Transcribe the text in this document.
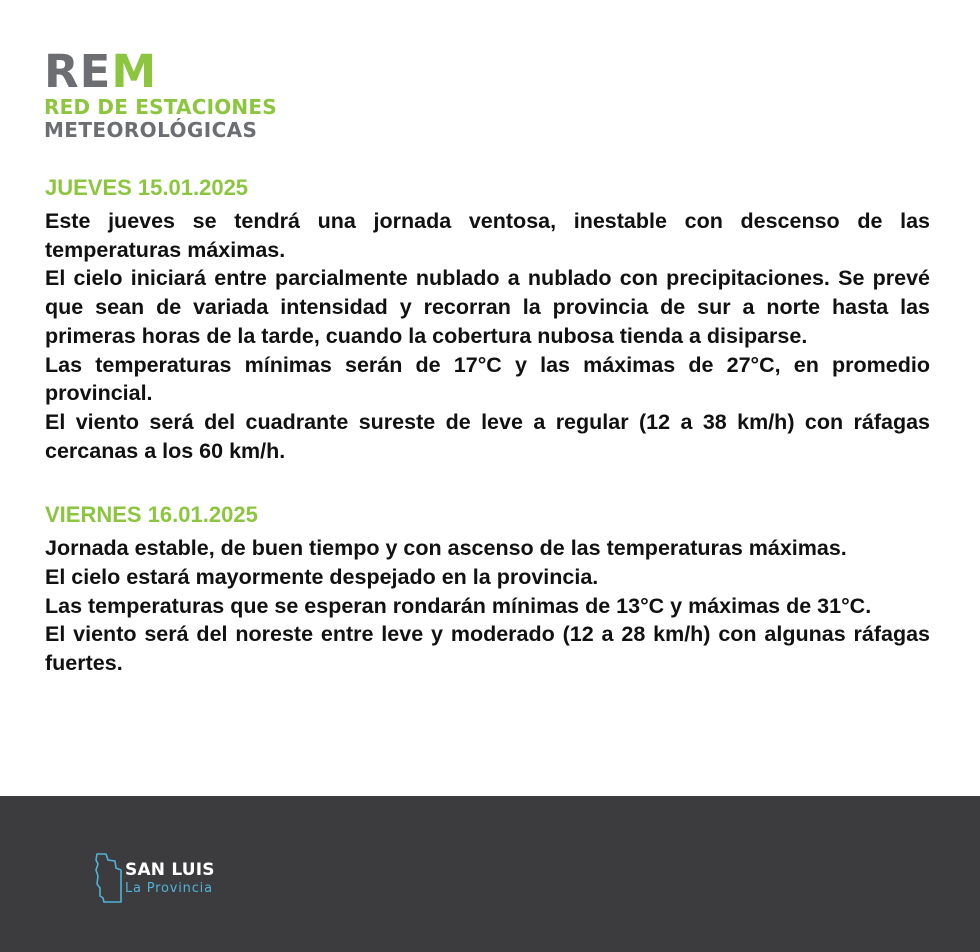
REM
RED DE ESTACIONES
METEOROLÓGICAS
JUEVES 15.01.2025

Este jueves se tendrá una jornada ventosa, inestable con descenso de las temperaturas máximas.

El cielo iniciará entre parcialmente nublado a nublado con precipitaciones. Se prevé que sean de variada intensidad y recorran la provincia de sur a norte hasta las primeras horas de la tarde, cuando la cobertura nubosa tienda a disiparse.

Las temperaturas mínimas serán de 17°C y las máximas de 27°C, en promedio provincial.

El viento será del cuadrante sureste de leve a regular (12 a 38 km/h) con ráfagas cercanas a los 60 km/h.

VIERNES 16.01.2025

Jornada estable, de buen tiempo y con ascenso de las temperaturas máximas.

El cielo estará mayormente despejado en la provincia.

Las temperaturas que se esperan rondarán mínimas de 13°C y máximas de 31°C.

El viento será del noreste entre leve y moderado (12 a 28 km/h) con algunas ráfagas fuertes.

SAN LUIS
La Provincia
